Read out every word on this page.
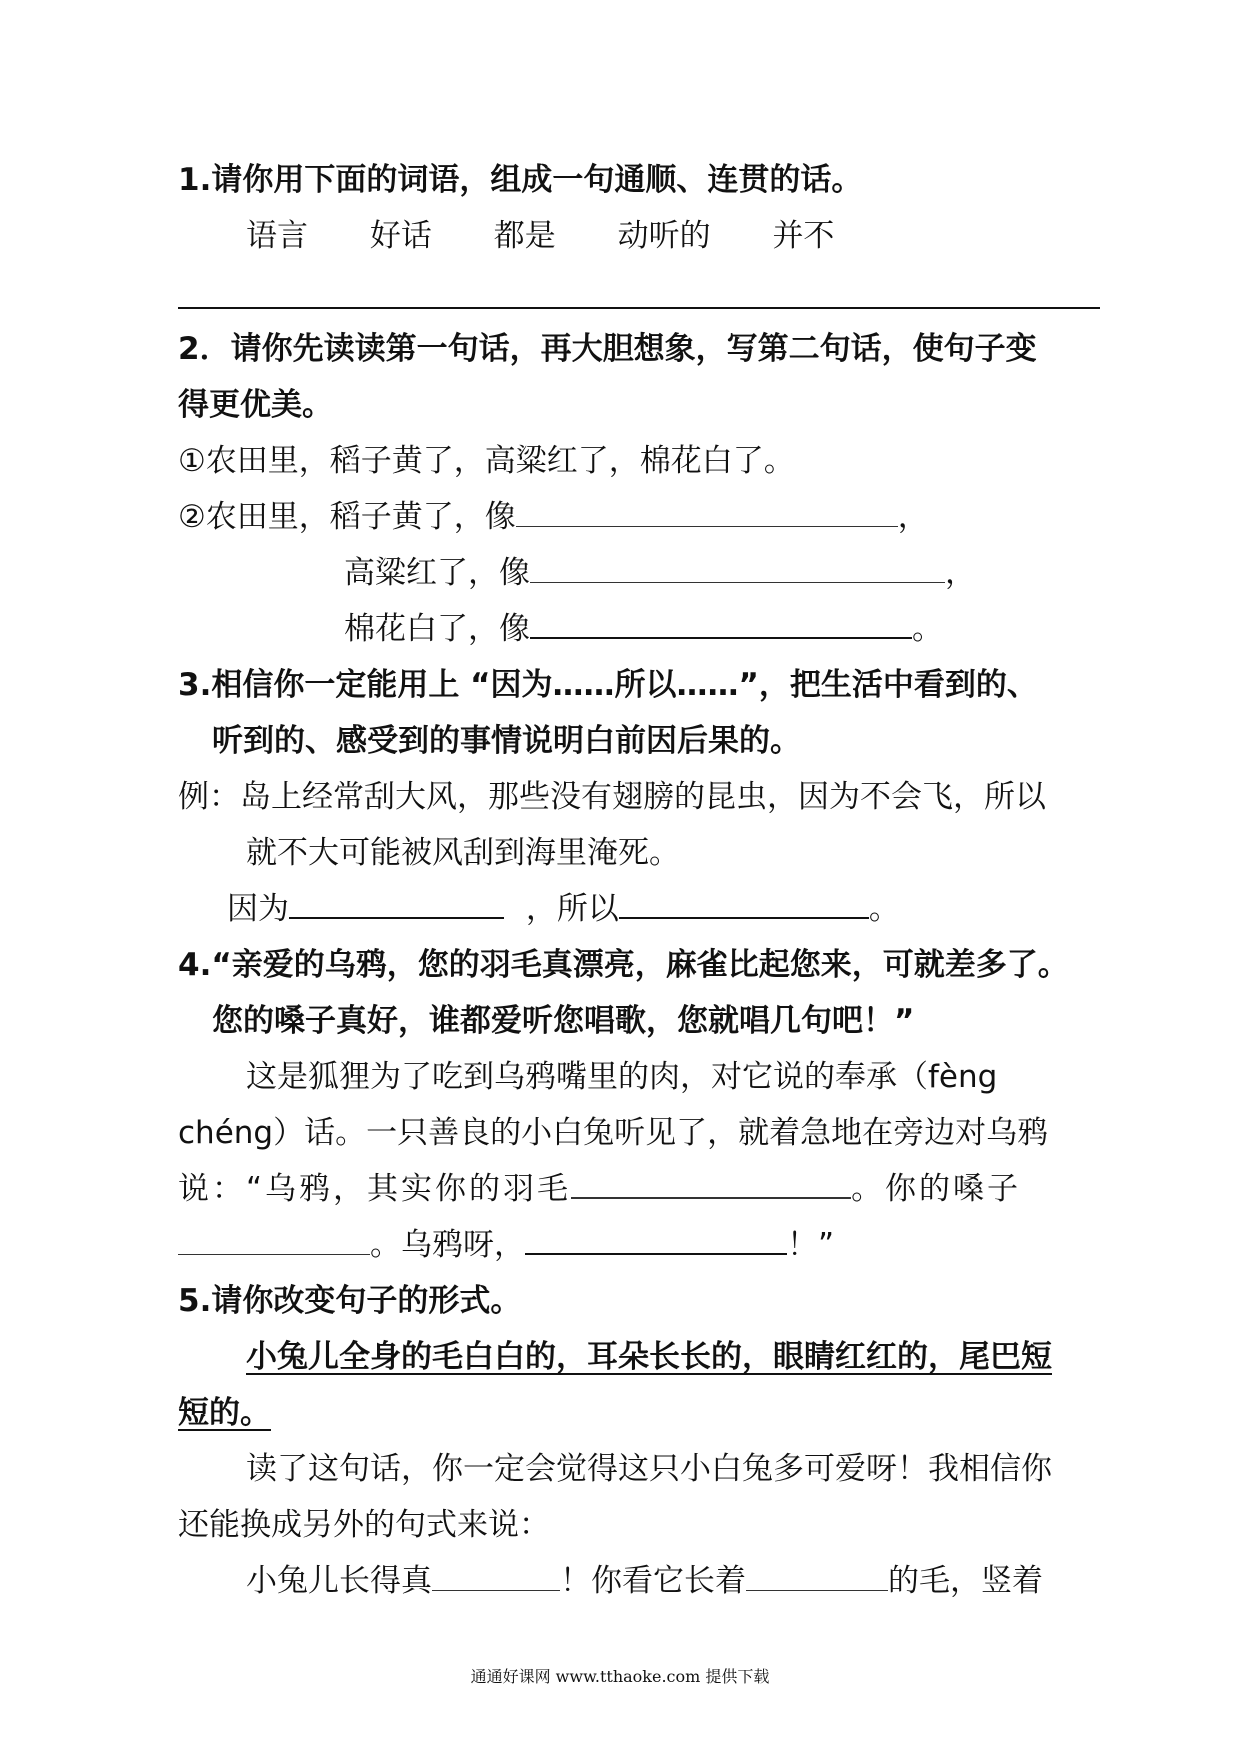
1.请你用下面的词语，组成一句通顺、连贯的话。
语言 好话 都是 动听的 并不
2．请你先读读第一句话，再大胆想象，写第二句话，使句子变
得更优美。
①农田里，稻子黄了，高粱红了，棉花白了。
②农田里，稻子黄了，像	，
高粱红了，像	，
棉花白了，像	。
3.相信你一定能用上 “因为……所以……”，把生活中看到的、
听到的、感受到的事情说明白前因后果的。
例：岛上经常刮大风，那些没有翅膀的昆虫，因为不会飞，所以
就不大可能被风刮到海里淹死。
因为	，所以	。
4.“亲爱的乌鸦，您的羽毛真漂亮，麻雀比起您来，可就差多了。
您的嗓子真好，谁都爱听您唱歌，您就唱几句吧！”
这是狐狸为了吃到乌鸦嘴里的肉，对它说的奉承（fèng
chéng）话。一只善良的小白兔听见了，就着急地在旁边对乌鸦
说：“乌鸦，其实你的羽毛	。你的嗓子
。乌鸦呀，	！”
5.请你改变句子的形式。
小兔儿全身的毛白白的，耳朵长长的，眼睛红红的，尾巴短
短的。
读了这句话，你一定会觉得这只小白兔多可爱呀！我相信你
还能换成另外的句式来说：
小兔儿长得真	！你看它长着	的毛，竖着
通通好课网 www.tthaoke.com 提供下载
